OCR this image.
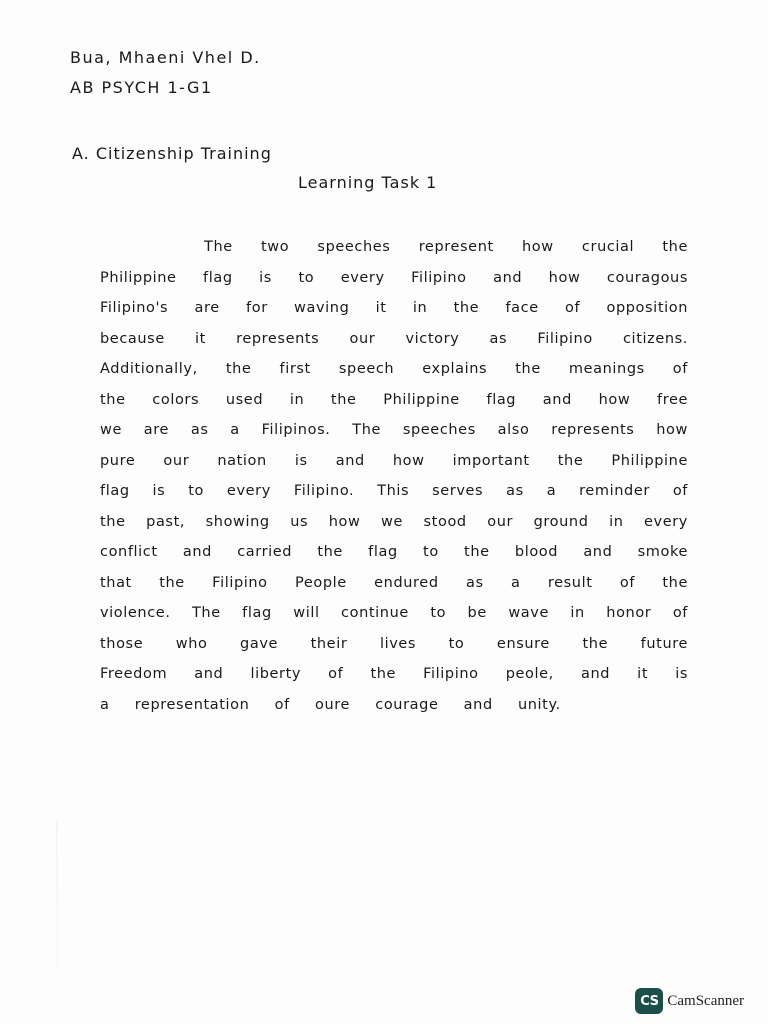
Bua, Mhaeni Vhel D.
AB PSYCH 1-G1
A. Citizenship Training
Learning Task 1
The two speeches represent how crucial the
Philippine flag is to every Filipino and how couragous
Filipino's are for waving it in the face of opposition
because it represents our victory as Filipino citizens.
Additionally, the first speech explains the meanings of
the colors used in the Philippine flag and how free
we are as a Filipinos. The speeches also represents how
pure our nation is and how important the Philippine
flag is to every Filipino. This serves as a reminder of
the past, showing us how we stood our ground in every
conflict and carried the flag to the blood and smoke
that the Filipino People endured as a result of the
violence. The flag will continue to be wave in honor of
those who gave their lives to ensure the future
Freedom and liberty of the Filipino peole, and it is
a representation of oure courage and unity.
CS CamScanner
